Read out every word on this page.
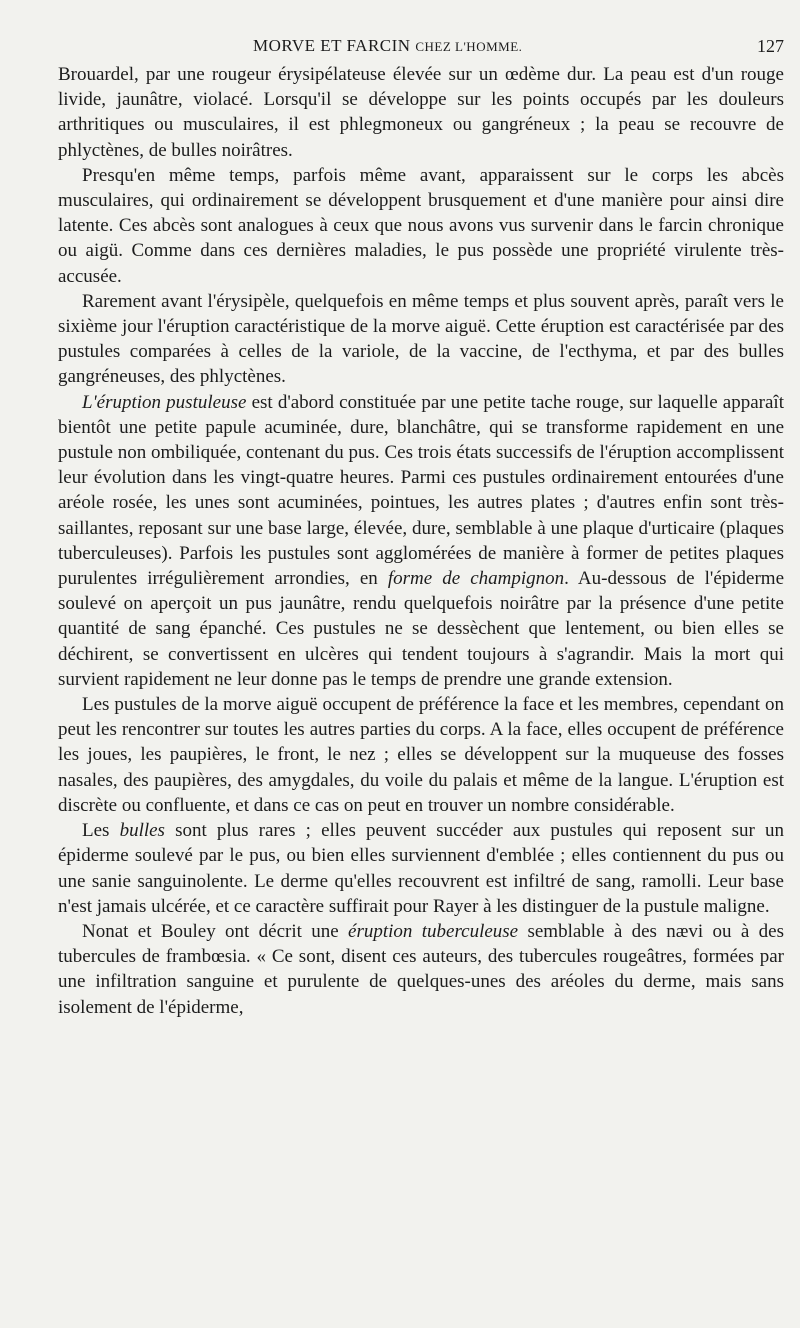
MORVE ET FARCIN CHEZ L'HOMME.	127

Brouardel, par une rougeur érysipélateuse élevée sur un œdème dur. La peau est d'un rouge livide, jaunâtre, violacé. Lorsqu'il se développe sur les points occupés par les douleurs arthritiques ou musculaires, il est phlegmoneux ou gangréneux ; la peau se recouvre de phlyctènes, de bulles noirâtres.

Presqu'en même temps, parfois même avant, apparaissent sur le corps les abcès musculaires, qui ordinairement se développent brusquement et d'une manière pour ainsi dire latente. Ces abcès sont analogues à ceux que nous avons vus survenir dans le farcin chronique ou aigü. Comme dans ces dernières maladies, le pus possède une propriété virulente très-accusée.

Rarement avant l'érysipèle, quelquefois en même temps et plus souvent après, paraît vers le sixième jour l'éruption caractéristique de la morve aiguë. Cette éruption est caractérisée par des pustules comparées à celles de la variole, de la vaccine, de l'ecthyma, et par des bulles gangréneuses, des phlyctènes.

L'éruption pustuleuse est d'abord constituée par une petite tache rouge, sur laquelle apparaît bientôt une petite papule acuminée, dure, blanchâtre, qui se transforme rapidement en une pustule non ombiliquée, contenant du pus. Ces trois états successifs de l'éruption accomplissent leur évolution dans les vingt-quatre heures. Parmi ces pustules ordinairement entourées d'une aréole rosée, les unes sont acuminées, pointues, les autres plates ; d'autres enfin sont très-saillantes, reposant sur une base large, élevée, dure, semblable à une plaque d'urticaire (plaques tuberculeuses). Parfois les pustules sont agglomérées de manière à former de petites plaques purulentes irrégulièrement arrondies, en forme de champignon. Au-dessous de l'épiderme soulevé on aperçoit un pus jaunâtre, rendu quelquefois noirâtre par la présence d'une petite quantité de sang épanché. Ces pustules ne se dessèchent que lentement, ou bien elles se déchirent, se convertissent en ulcères qui tendent toujours à s'agrandir. Mais la mort qui survient rapidement ne leur donne pas le temps de prendre une grande extension.

Les pustules de la morve aiguë occupent de préférence la face et les membres, cependant on peut les rencontrer sur toutes les autres parties du corps. A la face, elles occupent de préférence les joues, les paupières, le front, le nez ; elles se développent sur la muqueuse des fosses nasales, des paupières, des amygdales, du voile du palais et même de la langue. L'éruption est discrète ou confluente, et dans ce cas on peut en trouver un nombre considérable.

Les bulles sont plus rares ; elles peuvent succéder aux pustules qui reposent sur un épiderme soulevé par le pus, ou bien elles surviennent d'emblée ; elles contiennent du pus ou une sanie sanguinolente. Le derme qu'elles recouvrent est infiltré de sang, ramolli. Leur base n'est jamais ulcérée, et ce caractère suffirait pour Rayer à les distinguer de la pustule maligne.

Nonat et Bouley ont décrit une éruption tuberculeuse semblable à des nævi ou à des tubercules de frambœsia. « Ce sont, disent ces auteurs, des tubercules rougeâtres, formées par une infiltration sanguine et purulente de quelques-unes des aréoles du derme, mais sans isolement de l'épiderme,
